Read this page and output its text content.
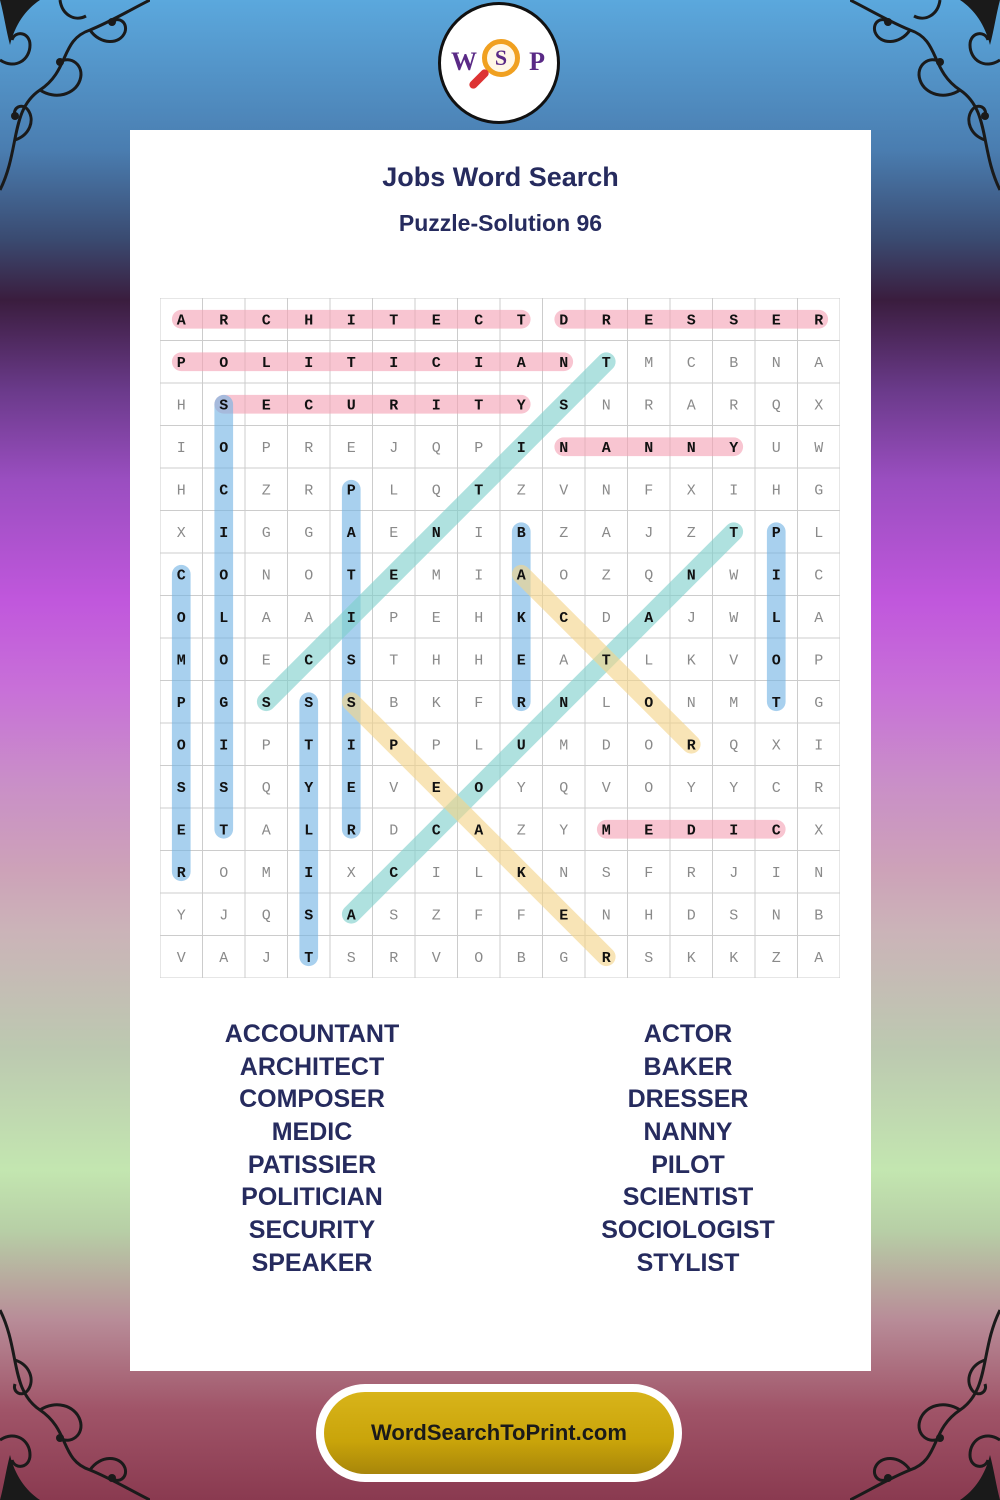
W S P
Jobs Word Search
Puzzle-Solution 96
A R C H I T E C T D R E S S E R
P O L I T I C I A N T M C B N A
H S E C U R I T Y S N R A R Q X
I O P R E J Q P I N A N N Y U W
H C Z R P L Q T Z V N F X I H G
X I G G A E N I B Z A J Z T P L
C O N O T E M I A O Z Q N W I C
O L A A I P E H K C D A J W L A
M O E C S T H H E A T L K V O P
P G S S S B K F R N L O N M T G
O I P T I P P L U M D O R Q X I
S S Q Y E V E O Y Q V O Y Y C R
E T A L R D C A Z Y M E D I C X
R O M I X C I L K N S F R J I N
Y J Q S A S Z F F E N H D S N B
V A J T S R V O B G R S K K Z A
ACCOUNTANT
ARCHITECT
COMPOSER
MEDIC
PATISSIER
POLITICIAN
SECURITY
SPEAKER
ACTOR
BAKER
DRESSER
NANNY
PILOT
SCIENTIST
SOCIOLOGIST
STYLIST
WordSearchToPrint.com
